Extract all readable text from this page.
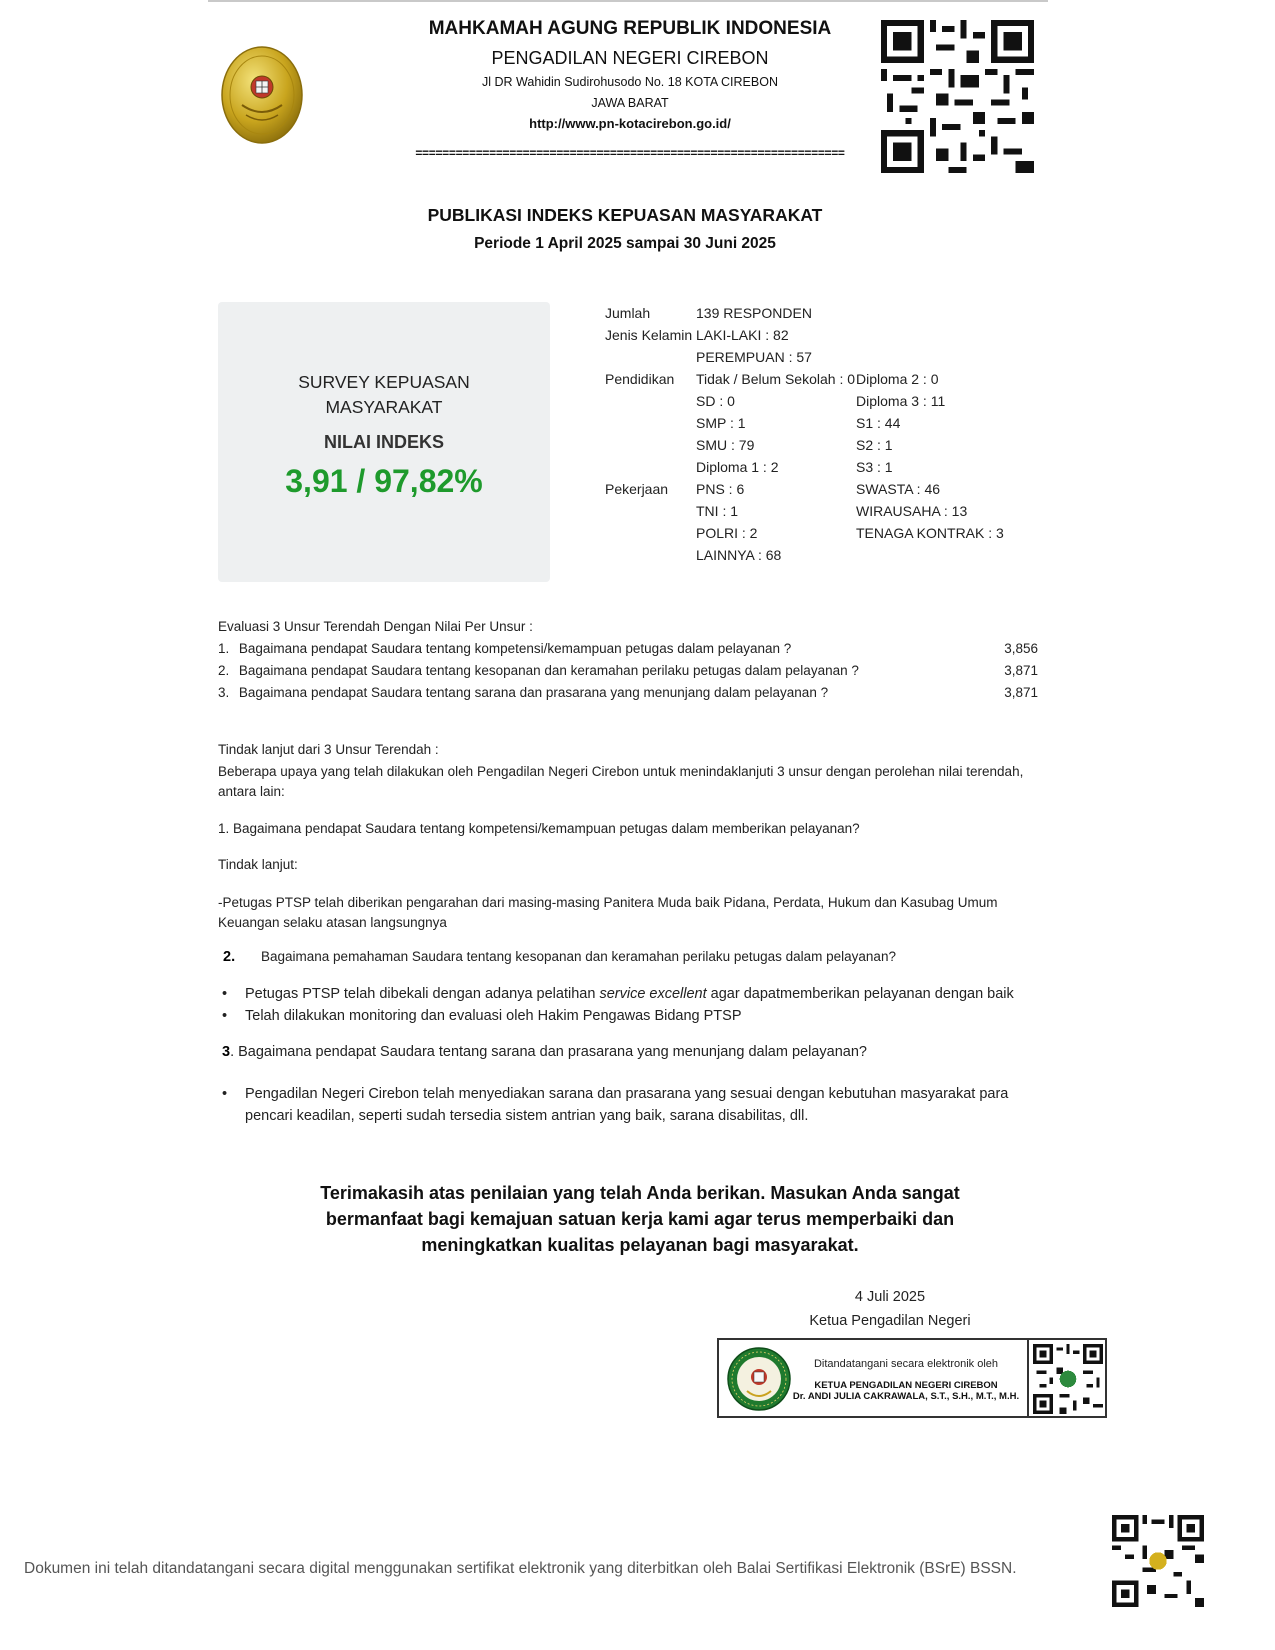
MAHKAMAH AGUNG REPUBLIK INDONESIA
PENGADILAN NEGERI CIREBON
Jl DR Wahidin Sudirohusodo No. 18 KOTA CIREBON
JAWA BARAT
http://www.pn-kotacirebon.go.id/
================================================================
PUBLIKASI INDEKS KEPUASAN MASYARAKAT
Periode 1 April 2025 sampai 30 Juni 2025
SURVEY KEPUASAN MASYARAKAT
NILAI INDEKS
3,91 / 97,82%
Jumlah	139 RESPONDEN
Jenis Kelamin LAKI-LAKI : 82
PEREMPUAN : 57
Pendidikan	Tidak / Belum Sekolah : 0 Diploma 2 : 0
SD : 0	Diploma 3 : 11
SMP : 1	S1 : 44
SMU : 79	S2 : 1
Diploma 1 : 2	S3 : 1
Pekerjaan	PNS : 6	SWASTA : 46
TNI : 1	WIRAUSAHA : 13
POLRI : 2	TENAGA KONTRAK : 3
LAINNYA : 68
Evaluasi 3 Unsur Terendah Dengan Nilai Per Unsur :
1. Bagaimana pendapat Saudara tentang kompetensi/kemampuan petugas dalam pelayanan ?	3,856
2. Bagaimana pendapat Saudara tentang kesopanan dan keramahan perilaku petugas dalam pelayanan ?	3,871
3. Bagaimana pendapat Saudara tentang sarana dan prasarana yang menunjang dalam pelayanan ?	3,871
Tindak lanjut dari 3 Unsur Terendah :
Beberapa upaya yang telah dilakukan oleh Pengadilan Negeri Cirebon untuk menindaklanjuti 3 unsur dengan perolehan nilai terendah, antara lain:
1. Bagaimana pendapat Saudara tentang kompetensi/kemampuan petugas dalam memberikan pelayanan?
Tindak lanjut:
-Petugas PTSP telah diberikan pengarahan dari masing-masing Panitera Muda baik Pidana, Perdata, Hukum dan Kasubag Umum Keuangan selaku atasan langsungnya
2. Bagaimana pemahaman Saudara tentang kesopanan dan keramahan perilaku petugas dalam pelayanan?
• Petugas PTSP telah dibekali dengan adanya pelatihan service excellent agar dapatmemberikan pelayanan dengan baik
• Telah dilakukan monitoring dan evaluasi oleh Hakim Pengawas Bidang PTSP
3. Bagaimana pendapat Saudara tentang sarana dan prasarana yang menunjang dalam pelayanan?
• Pengadilan Negeri Cirebon telah menyediakan sarana dan prasarana yang sesuai dengan kebutuhan masyarakat para
pencari keadilan, seperti sudah tersedia sistem antrian yang baik, sarana disabilitas, dll.
Terimakasih atas penilaian yang telah Anda berikan. Masukan Anda sangat bermanfaat bagi kemajuan satuan kerja kami agar terus memperbaiki dan meningkatkan kualitas pelayanan bagi masyarakat.
4 Juli 2025
Ketua Pengadilan Negeri
Ditandatangani secara elektronik oleh
KETUA PENGADILAN NEGERI CIREBON
Dr. ANDI JULIA CAKRAWALA, S.T., S.H., M.T., M.H.
Dokumen ini telah ditandatangani secara digital menggunakan sertifikat elektronik yang diterbitkan oleh Balai Sertifikasi Elektronik (BSrE) BSSN.
